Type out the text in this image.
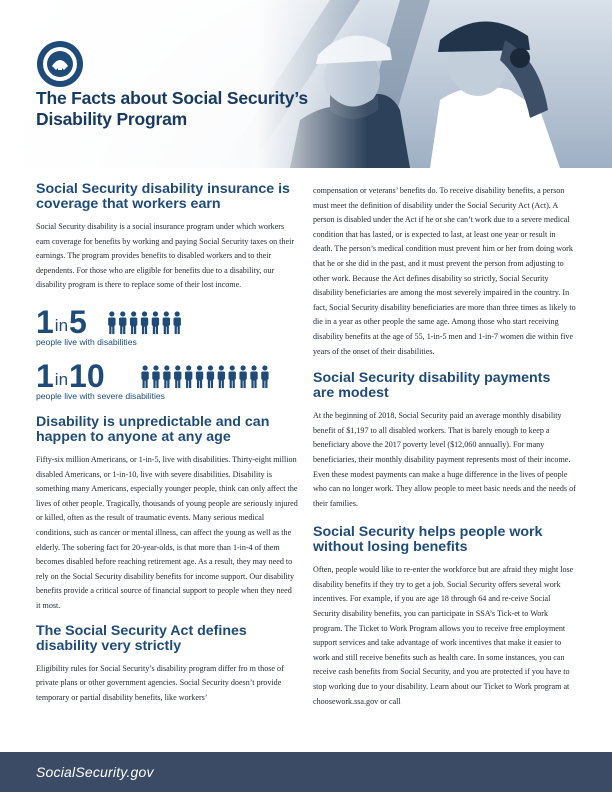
The Facts about Social Security’s
Disability Program
Social Security disability insurance is
coverage that workers earn

Social Security disability is a social insurance program under which workers earn coverage for benefits by working and paying Social Security taxes on their earnings. The program provides benefits to disabled workers and to their dependents. For those who are eligible for benefits due to a disability, our disability program is there to replace some of their lost income.

1in5
people live with disabilities
1in10
people live with severe disabilities
Disability is unpredictable and can
happen to anyone at any age

Fifty-six million Americans, or 1-in-5, live with disabilities. Thirty-eight million disabled Americans, or 1-in-10, live with severe disabilities. Disability is something many Americans, especially younger people, think can only affect the lives of other people. Tragically, thousands of young people are seriously injured or killed, often as the result of traumatic events. Many serious medical conditions, such as cancer or mental illness, can affect the young as well as the elderly. The sobering fact for 20-year-olds, is that more than 1-in-4 of them becomes disabled before reaching retirement age. As a result, they may need to rely on the Social Security disability benefits for income support. Our disability benefits provide a critical source of financial support to people when they need it most.

The Social Security Act defines
disability very strictly

Eligibility rules for Social Security’s disability program differ fro m those of private plans or other government agencies. Social Security doesn’t provide temporary or partial disability benefits, like workers’

compensation or veterans’ benefits do. To receive disability benefits, a person must meet the definition of disability under the Social Security Act (Act). A person is disabled under the Act if he or she can’t work due to a severe medical condition that has lasted, or is expected to last, at least one year or result in death. The person’s medical condition must prevent him or her from doing work that he or she did in the past, and it must prevent the person from adjusting to other work. Because the Act defines disability so strictly, Social Security disability beneficiaries are among the most severely impaired in the country. In fact, Social Security disability beneficiaries are more than three times as likely to die in a year as other people the same age. Among those who start receiving disability benefits at the age of 55, 1-in-5 men and 1-in-7 women die within five years of the onset of their disabilities.

Social Security disability payments
are modest

At the beginning of 2018, Social Security paid an average monthly disability benefit of $1,197 to all disabled workers. That is barely enough to keep a beneficiary above the 2017 poverty level ($12,060 annually). For many beneficiaries, their monthly disability payment represents most of their income. Even these modest payments can make a huge difference in the lives of people who can no longer work. They allow people to meet basic needs and the needs of their families.

Social Security helps people work
without losing benefits

Often, people would like to re-enter the workforce but are afraid they might lose disability benefits if they try to get a job. Social Security offers several work incentives. For example, if you are age 18 through 64 and re-ceive Social Security disability benefits, you can participate in SSA’s Tick-et to Work program. The Ticket to Work Program allows you to receive free employment support services and take advantage of work incentives that make it easier to work and still receive benefits such as health care. In some instances, you can receive cash benefits from Social Security, and you are protected if you have to stop working due to your disability. Learn about our Ticket to Work program at choosework.ssa.gov or call

SocialSecurity.gov
